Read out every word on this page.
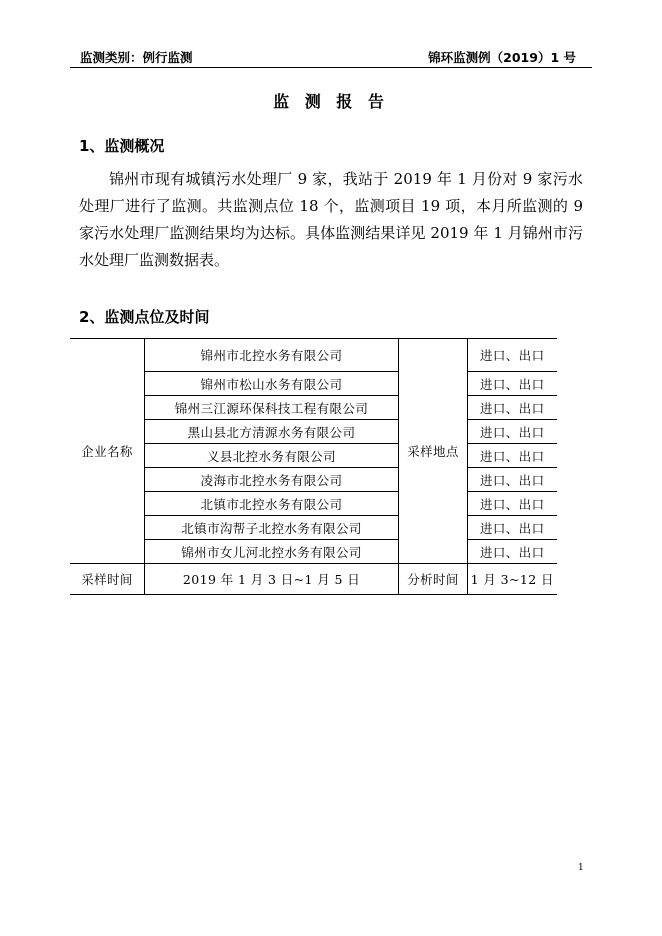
监测类别：例行监测	锦环监测例（2019）1 号
监 测 报 告
1、监测概况
锦州市现有城镇污水处理厂 9 家，我站于 2019 年 1 月份对 9 家污水处理厂进行了监测。共监测点位 18 个，监测项目 19 项，本月所监测的 9 家污水处理厂监测结果均为达标。具体监测结果详见 2019 年 1 月锦州市污水处理厂监测数据表。
2、监测点位及时间
企业名称	锦州市北控水务有限公司	采样地点	进口、出口
	锦州市松山水务有限公司		进口、出口
	锦州三江源环保科技工程有限公司		进口、出口
	黑山县北方清源水务有限公司		进口、出口
	义县北控水务有限公司		进口、出口
	凌海市北控水务有限公司		进口、出口
	北镇市北控水务有限公司		进口、出口
	北镇市沟帮子北控水务有限公司		进口、出口
	锦州市女儿河北控水务有限公司		进口、出口
采样时间	2019 年 1 月 3 日~1 月 5 日	分析时间	1 月 3~12 日
1
